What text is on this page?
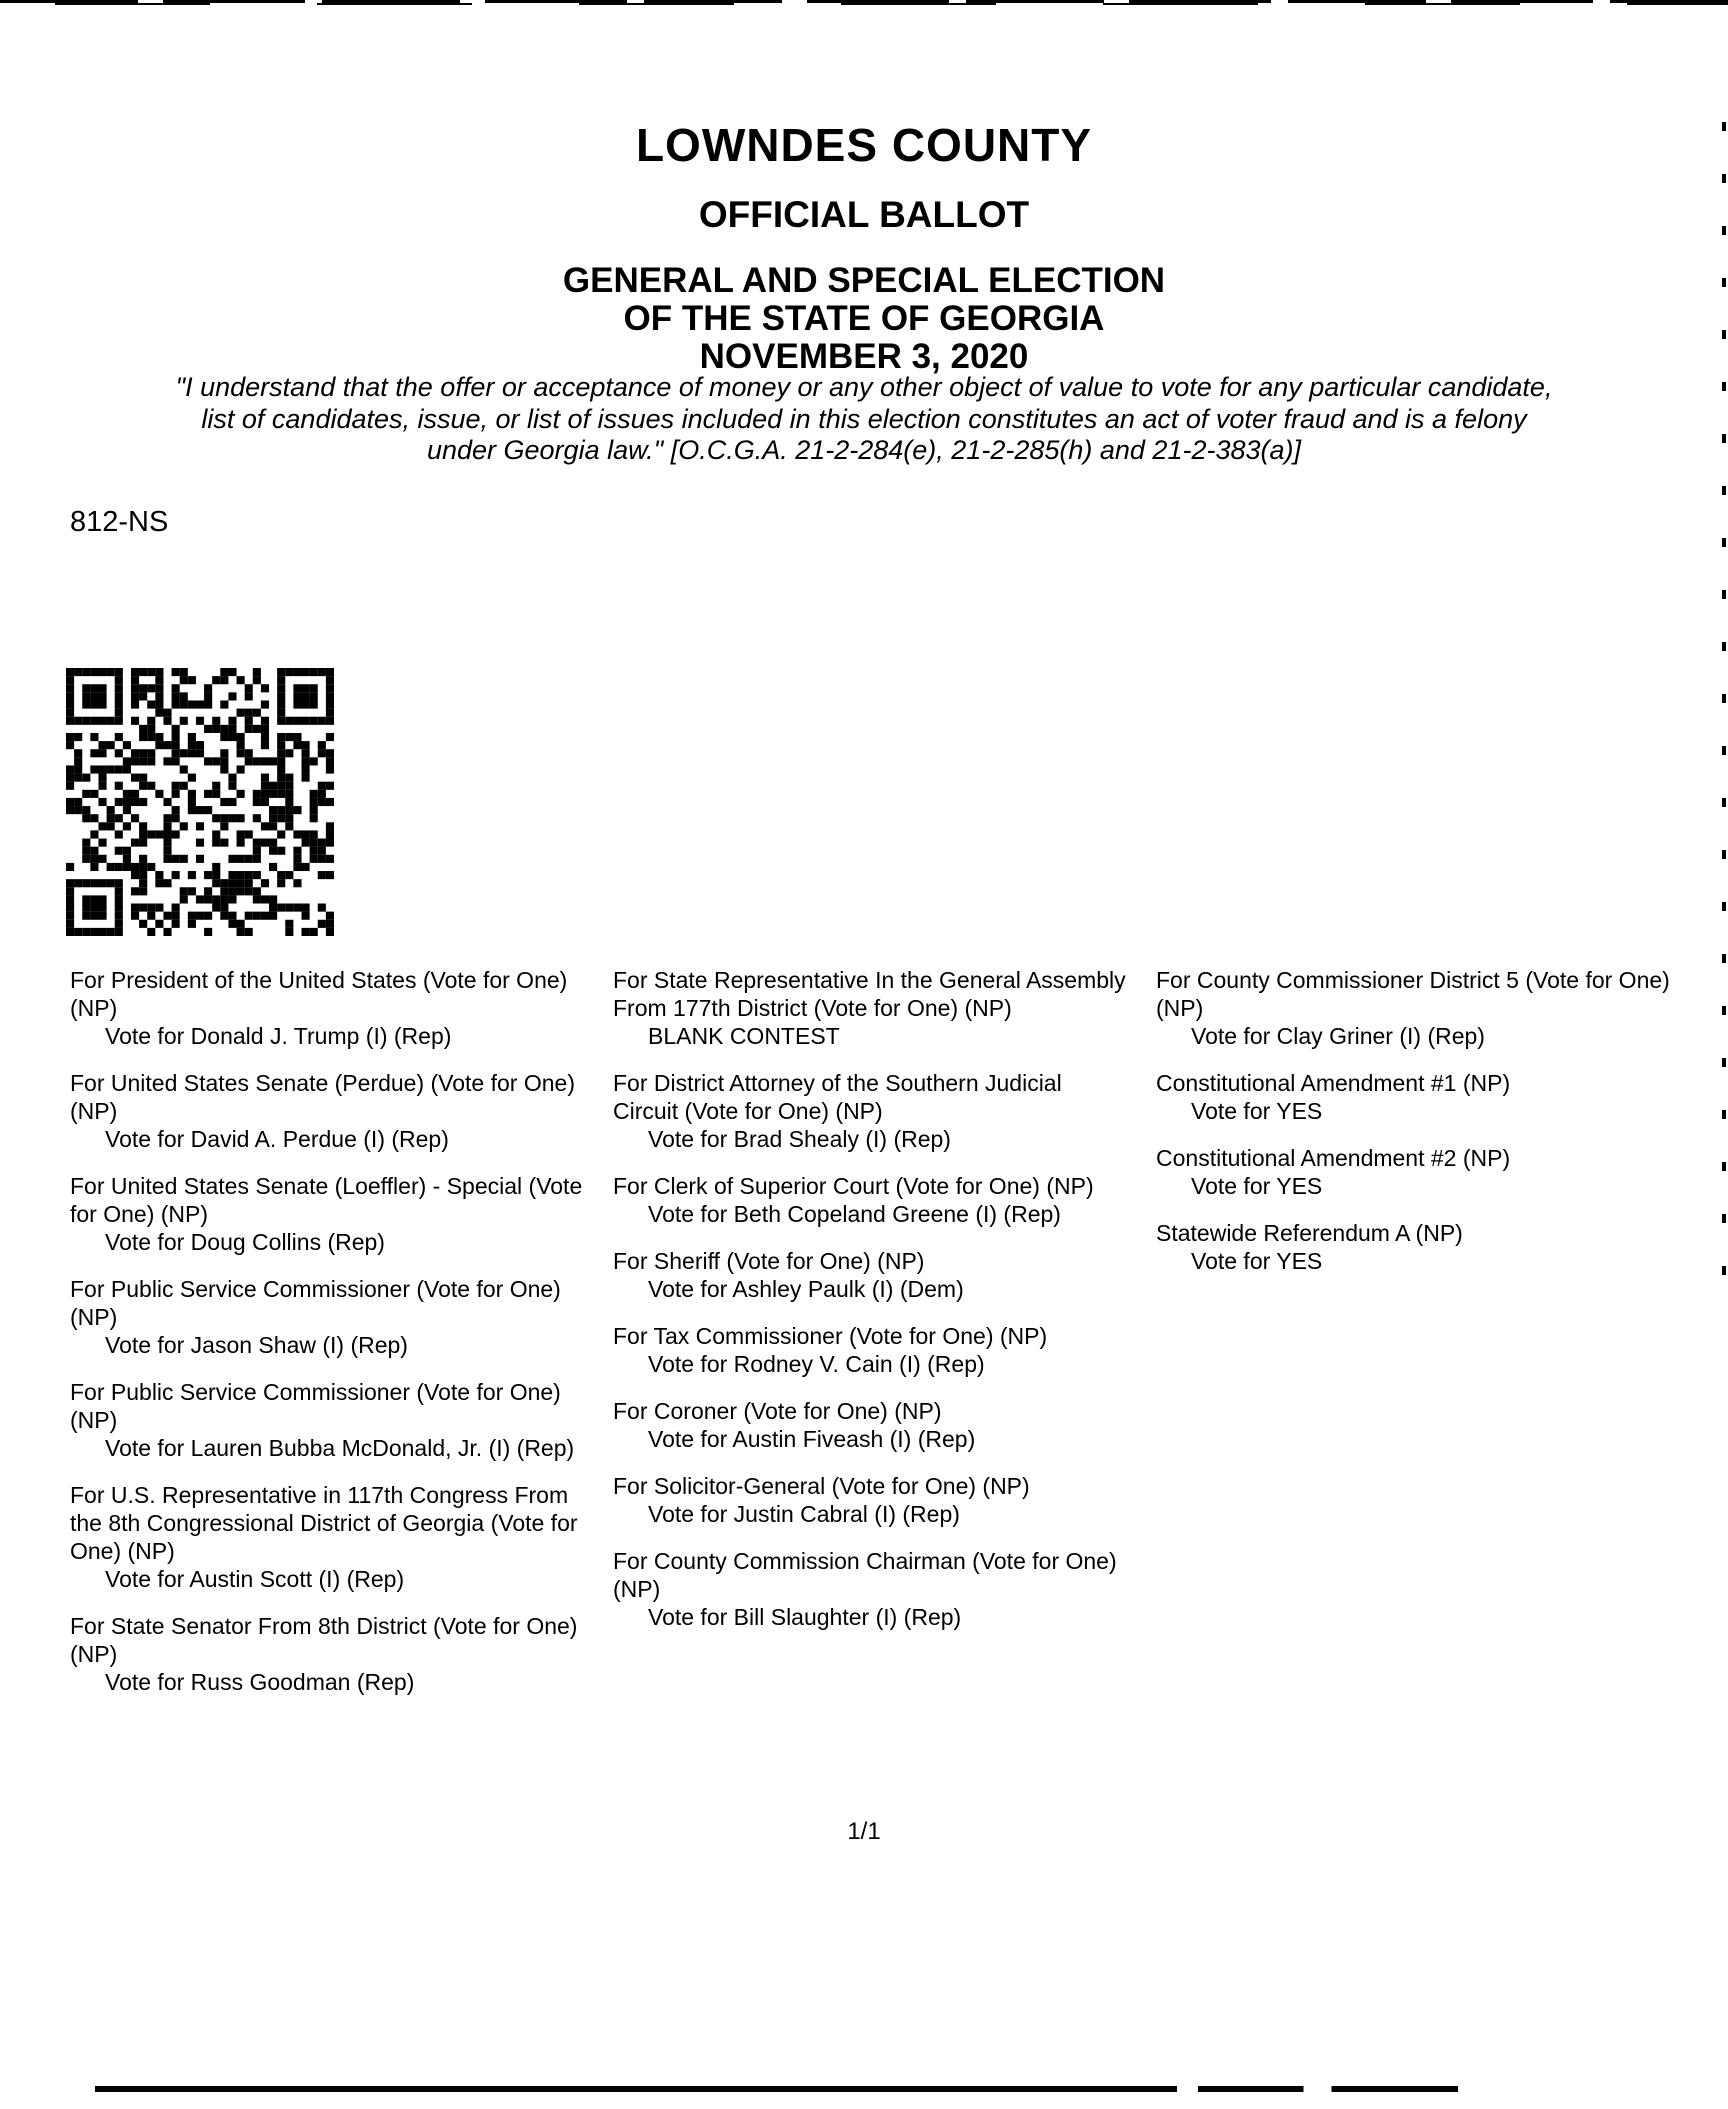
LOWNDES COUNTY
OFFICIAL BALLOT
GENERAL AND SPECIAL ELECTION
OF THE STATE OF GEORGIA
NOVEMBER 3, 2020
"I understand that the offer or acceptance of money or any other object of value to vote for any particular candidate,
list of candidates, issue, or list of issues included in this election constitutes an act of voter fraud and is a felony
under Georgia law." [O.C.G.A. 21-2-284(e), 21-2-285(h) and 21-2-383(a)]
812-NS
For President of the United States (Vote for One) (NP)
Vote for Donald J. Trump (I) (Rep)
For United States Senate (Perdue) (Vote for One) (NP)
Vote for David A. Perdue (I) (Rep)
For United States Senate (Loeffler) - Special (Vote for One) (NP)
Vote for Doug Collins (Rep)
For Public Service Commissioner (Vote for One) (NP)
Vote for Jason Shaw (I) (Rep)
For Public Service Commissioner (Vote for One) (NP)
Vote for Lauren Bubba McDonald, Jr. (I) (Rep)
For U.S. Representative in 117th Congress From the 8th Congressional District of Georgia (Vote for One) (NP)
Vote for Austin Scott (I) (Rep)
For State Senator From 8th District (Vote for One) (NP)
Vote for Russ Goodman (Rep)
For State Representative In the General Assembly From 177th District (Vote for One) (NP)
BLANK CONTEST
For District Attorney of the Southern Judicial Circuit (Vote for One) (NP)
Vote for Brad Shealy (I) (Rep)
For Clerk of Superior Court (Vote for One) (NP)
Vote for Beth Copeland Greene (I) (Rep)
For Sheriff (Vote for One) (NP)
Vote for Ashley Paulk (I) (Dem)
For Tax Commissioner (Vote for One) (NP)
Vote for Rodney V. Cain (I) (Rep)
For Coroner (Vote for One) (NP)
Vote for Austin Fiveash (I) (Rep)
For Solicitor-General (Vote for One) (NP)
Vote for Justin Cabral (I) (Rep)
For County Commission Chairman (Vote for One) (NP)
Vote for Bill Slaughter (I) (Rep)
For County Commissioner District 5 (Vote for One) (NP)
Vote for Clay Griner (I) (Rep)
Constitutional Amendment #1 (NP)
Vote for YES
Constitutional Amendment #2 (NP)
Vote for YES
Statewide Referendum A (NP)
Vote for YES
1/1
